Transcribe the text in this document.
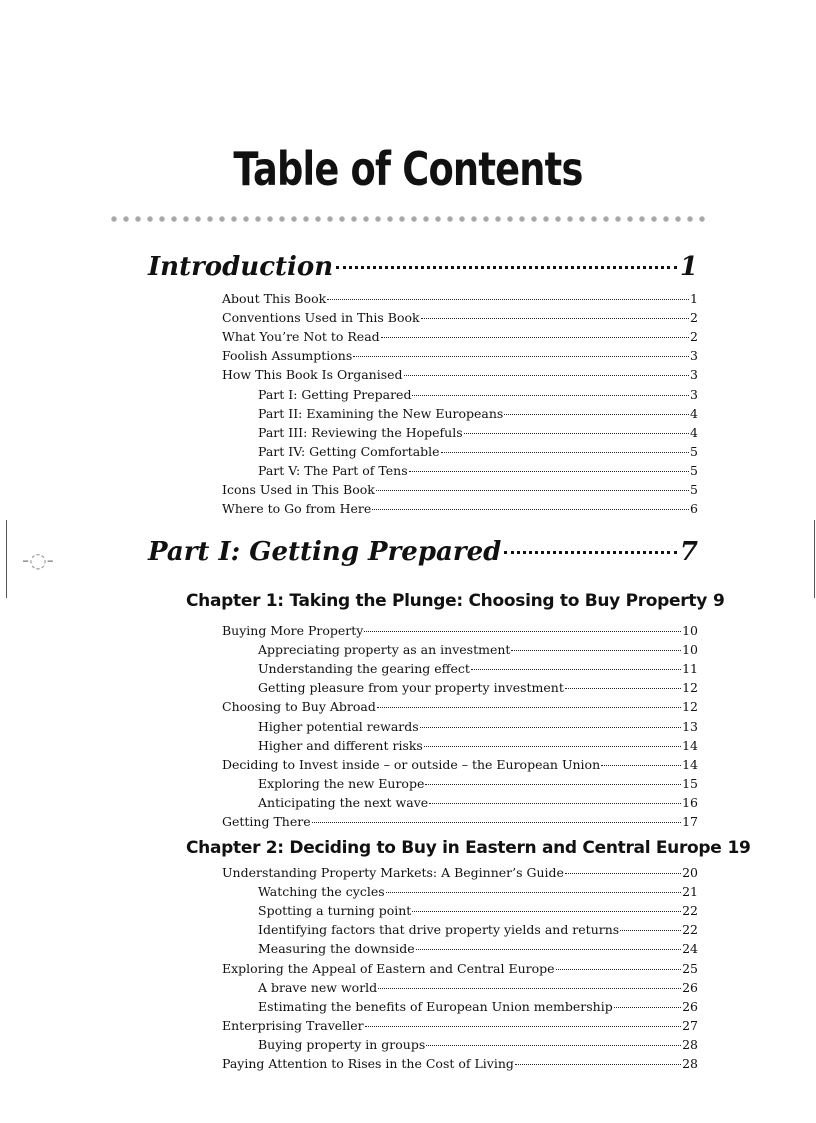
Table of Contents
-◌-
Introduction	1
About This Book	1
Conventions Used in This Book	2
What You’re Not to Read	2
Foolish Assumptions	3
How This Book Is Organised	3
Part I: Getting Prepared	3
Part II: Examining the New Europeans	4
Part III: Reviewing the Hopefuls	4
Part IV: Getting Comfortable	5
Part V: The Part of Tens	5
Icons Used in This Book	5
Where to Go from Here	6
Part I: Getting Prepared	7
Chapter 1: Taking the Plunge: Choosing to Buy Property 9
Buying More Property	10
Appreciating property as an investment	10
Understanding the gearing effect	11
Getting pleasure from your property investment	12
Choosing to Buy Abroad	12
Higher potential rewards	13
Higher and different risks	14
Deciding to Invest inside – or outside – the European Union	14
Exploring the new Europe	15
Anticipating the next wave	16
Getting There	17
Chapter 2: Deciding to Buy in Eastern and Central Europe 19
Understanding Property Markets: A Beginner’s Guide	20
Watching the cycles	21
Spotting a turning point	22
Identifying factors that drive property yields and returns	22
Measuring the downside	24
Exploring the Appeal of Eastern and Central Europe	25
A brave new world	26
Estimating the benefits of European Union membership	26
Enterprising Traveller	27
Buying property in groups	28
Paying Attention to Rises in the Cost of Living	28
